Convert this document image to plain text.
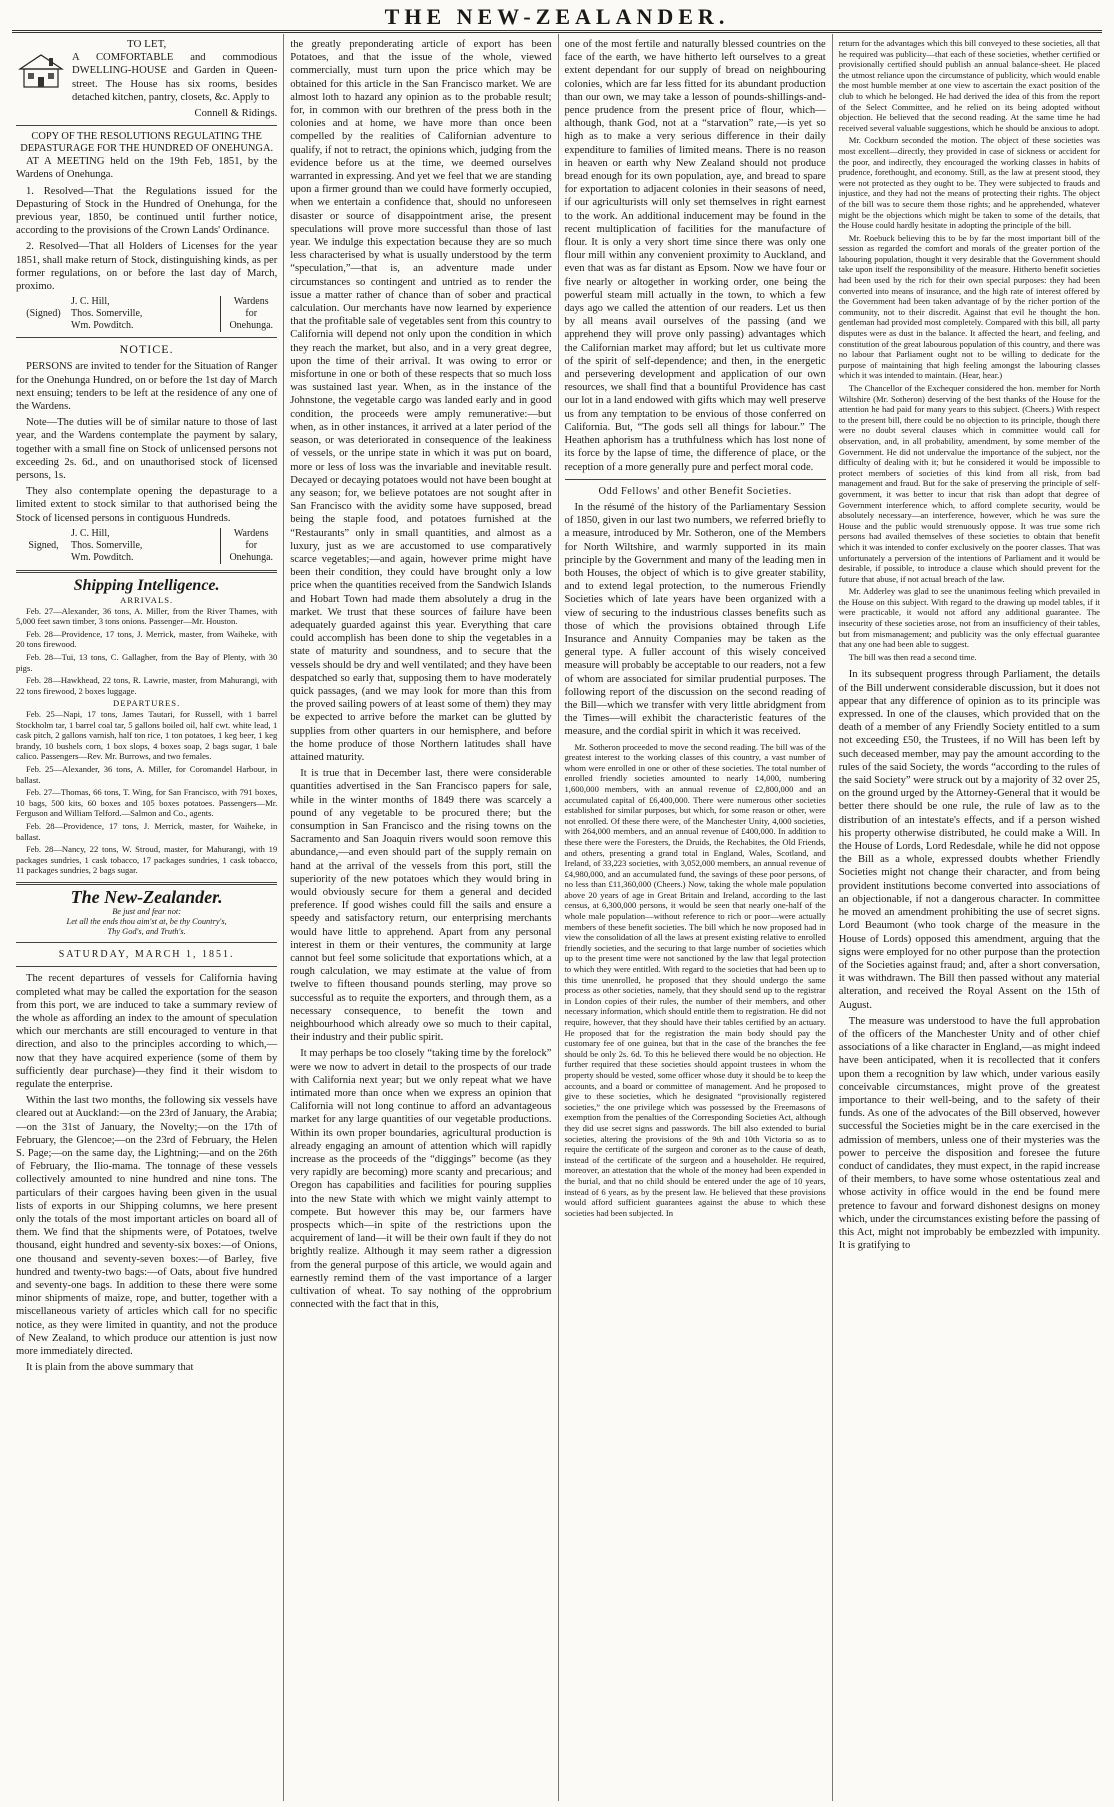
THE NEW-ZEALANDER.
TO LET,

A COMFORTABLE and commodious DWELLING-HOUSE and Garden in Queen-street. The House has six rooms, besides detached kitchen, pantry, closets, &c. Apply to

Connell & Ridings.
COPY OF THE RESOLUTIONS REGULATING THE DEPASTURAGE FOR THE HUNDRED OF ONEHUNGA.

AT A MEETING held on the 19th Feb, 1851, by the Wardens of Onehunga.

1. Resolved—That the Regulations issued for the Depasturing of Stock in the Hundred of Onehunga, for the previous year, 1850, be continued until further notice, according to the provisions of the Crown Lands' Ordinance.

2. Resolved—That all Holders of Licenses for the year 1851, shall make return of Stock, distinguishing kinds, as per former regulations, on or before the last day of March, proximo.

(Signed)
J. C. Hill,
Thos. Somerville,
Wm. Powditch.
Wardens
for
Onehunga.
NOTICE.

PERSONS are invited to tender for the Situation of Ranger for the Onehunga Hundred, on or before the 1st day of March next ensuing; tenders to be left at the residence of any one of the Wardens.

Note—The duties will be of similar nature to those of last year, and the Wardens contemplate the payment by salary, together with a small fine on Stock of unlicensed persons not exceeding 2s. 6d., and on unauthorised stock of licensed persons, 1s.

They also contemplate opening the depasturage to a limited extent to stock similar to that authorised being the Stock of licensed persons in contiguous Hundreds.

Signed,
J. C. Hill,
Thos. Somerville,
Wm. Powditch.
Wardens
for
Onehunga.
Shipping Intelligence.
ARRIVALS.

Feb. 27—Alexander, 36 tons, A. Miller, from the River Thames, with 5,000 feet sawn timber, 3 tons onions. Passenger—Mr. Houston.

Feb. 28—Providence, 17 tons, J. Merrick, master, from Waiheke, with 20 tons firewood.

Feb. 28—Tui, 13 tons, C. Gallagher, from the Bay of Plenty, with 30 pigs.

Feb. 28—Hawkhead, 22 tons, R. Lawrie, master, from Mahurangi, with 22 tons firewood, 2 boxes luggage.

DEPARTURES.

Feb. 25—Napi, 17 tons, James Tautari, for Russell, with 1 barrel Stockholm tar, 1 barrel coal tar, 5 gallons boiled oil, half cwt. white lead, 1 cask pitch, 2 gallons varnish, half ton rice, 1 ton potatoes, 1 keg beer, 1 keg brandy, 10 bushels corn, 1 box slops, 4 boxes soap, 2 bags sugar, 1 bale calico. Passengers—Rev. Mr. Burrows, and two females.

Feb. 25—Alexander, 36 tons, A. Miller, for Coromandel Harbour, in ballast.

Feb. 27—Thomas, 66 tons, T. Wing, for San Francisco, with 791 boxes, 10 bags, 500 kits, 60 boxes and 105 boxes potatoes. Passengers—Mr. Ferguson and William Telford.—Salmon and Co., agents.

Feb. 28—Providence, 17 tons, J. Merrick, master, for Waiheke, in ballast.

Feb. 28—Nancy, 22 tons, W. Stroud, master, for Mahurangi, with 19 packages sundries, 1 cask tobacco, 17 packages sundries, 1 cask tobacco, 11 packages sundries, 2 bags sugar.

The New-Zealander.
Be just and fear not:
Let all the ends thou aim'st at, be thy Country's,
Thy God's, and Truth's.
SATURDAY, MARCH 1, 1851.

The recent departures of vessels for California having completed what may be called the exportation for the season from this port, we are induced to take a summary review of the whole as affording an index to the amount of speculation which our merchants are still encouraged to venture in that direction, and also to the principles according to which,—now that they have acquired experience (some of them by sufficiently dear purchase)—they find it their wisdom to regulate the enterprise.

Within the last two months, the following six vessels have cleared out at Auckland:—on the 23rd of January, the Arabia;—on the 31st of January, the Novelty;—on the 17th of February, the Glencoe;—on the 23rd of February, the Helen S. Page;—on the same day, the Lightning;—and on the 26th of February, the Ilio-mama. The tonnage of these vessels collectively amounted to nine hundred and nine tons. The particulars of their cargoes having been given in the usual lists of exports in our Shipping columns, we here present only the totals of the most important articles on board all of them. We find that the shipments were, of Potatoes, twelve thousand, eight hundred and seventy-six boxes:—of Onions, one thousand and seventy-seven boxes:—of Barley, five hundred and twenty-two bags:—of Oats, about five hundred and seventy-one bags. In addition to these there were some minor shipments of maize, rope, and butter, together with a miscellaneous variety of articles which call for no specific notice, as they were limited in quantity, and not the produce of New Zealand, to which produce our attention is just now more immediately directed.

It is plain from the above summary that

the greatly preponderating article of export has been Potatoes, and that the issue of the whole, viewed commercially, must turn upon the price which may be obtained for this article in the San Francisco market. We are almost loth to hazard any opinion as to the probable result; for, in common with our brethren of the press both in the colonies and at home, we have more than once been compelled by the realities of Californian adventure to qualify, if not to retract, the opinions which, judging from the evidence before us at the time, we deemed ourselves warranted in expressing. And yet we feel that we are standing upon a firmer ground than we could have formerly occupied, when we entertain a confidence that, should no unforeseen disaster or source of disappointment arise, the present speculations will prove more successful than those of last year. We indulge this expectation because they are so much less characterised by what is usually understood by the term “speculation,”—that is, an adventure made under circumstances so contingent and untried as to render the issue a matter rather of chance than of sober and practical calculation. Our merchants have now learned by experience that the profitable sale of vegetables sent from this country to California will depend not only upon the condition in which they reach the market, but also, and in a very great degree, upon the time of their arrival. It was owing to error or misfortune in one or both of these respects that so much loss was sustained last year. When, as in the instance of the Johnstone, the vegetable cargo was landed early and in good condition, the proceeds were amply remunerative:—but when, as in other instances, it arrived at a later period of the season, or was deteriorated in consequence of the leakiness of vessels, or the unripe state in which it was put on board, more or less of loss was the invariable and inevitable result. Decayed or decaying potatoes would not have been bought at any season; for, we believe potatoes are not sought after in San Francisco with the avidity some have supposed, bread being the staple food, and potatoes furnished at the “Restaurants” only in small quantities, and almost as a luxury, just as we are accustomed to use comparatively scarce vegetables;—and again, however prime might have been their condition, they could have brought only a low price when the quantities received from the Sandwich Islands and Hobart Town had made them absolutely a drug in the market. We trust that these sources of failure have been adequately guarded against this year. Everything that care could accomplish has been done to ship the vegetables in a state of maturity and soundness, and to secure that the vessels should be dry and well ventilated; and they have been despatched so early that, supposing them to have moderately quick passages, (and we may look for more than this from the proved sailing powers of at least some of them) they may be expected to arrive before the market can be glutted by supplies from other quarters in our hemisphere, and before the home produce of those Northern latitudes shall have attained maturity.

It is true that in December last, there were considerable quantities advertised in the San Francisco papers for sale, while in the winter months of 1849 there was scarcely a pound of any vegetable to be procured there; but the consumption in San Francisco and the rising towns on the Sacramento and San Joaquin rivers would soon remove this abundance,—and even should part of the supply remain on hand at the arrival of the vessels from this port, still the superiority of the new potatoes which they would bring in would obviously secure for them a general and decided preference. If good wishes could fill the sails and ensure a speedy and satisfactory return, our enterprising merchants would have little to apprehend. Apart from any personal interest in them or their ventures, the community at large cannot but feel some solicitude that exportations which, at a rough calculation, we may estimate at the value of from twelve to fifteen thousand pounds sterling, may prove so successful as to requite the exporters, and through them, as a necessary consequence, to benefit the town and neighbourhood which already owe so much to their capital, their industry and their public spirit.

It may perhaps be too closely “taking time by the forelock” were we now to advert in detail to the prospects of our trade with California next year; but we only repeat what we have intimated more than once when we express an opinion that California will not long continue to afford an advantageous market for any large quantities of our vegetable productions. Within its own proper boundaries, agricultural production is already engaging an amount of attention which will rapidly increase as the proceeds of the “diggings” become (as they very rapidly are becoming) more scanty and precarious; and Oregon has capabilities and facilities for pouring supplies into the new State with which we might vainly attempt to compete. But however this may be, our farmers have prospects which—in spite of the restrictions upon the acquirement of land—it will be their own fault if they do not brightly realize. Although it may seem rather a digression from the general purpose of this article, we would again and earnestly remind them of the vast importance of a larger cultivation of wheat. To say nothing of the opprobrium connected with the fact that in this,

one of the most fertile and naturally blessed countries on the face of the earth, we have hitherto left ourselves to a great extent dependant for our supply of bread on neighbouring colonies, which are far less fitted for its abundant production than our own, we may take a lesson of pounds-shillings-and-pence prudence from the present price of flour, which—although, thank God, not at a “starvation” rate,—is yet so high as to make a very serious difference in their daily expenditure to families of limited means. There is no reason in heaven or earth why New Zealand should not produce bread enough for its own population, aye, and bread to spare for exportation to adjacent colonies in their seasons of need, if our agriculturists will only set themselves in right earnest to the work. An additional inducement may be found in the recent multiplication of facilities for the manufacture of flour. It is only a very short time since there was only one flour mill within any convenient proximity to Auckland, and even that was as far distant as Epsom. Now we have four or five nearly or altogether in working order, one being the powerful steam mill actually in the town, to which a few days ago we called the attention of our readers. Let us then by all means avail ourselves of the passing (and we apprehend they will prove only passing) advantages which the Californian market may afford; but let us cultivate more of the spirit of self-dependence; and then, in the energetic and persevering development and application of our own resources, we shall find that a bountiful Providence has cast our lot in a land endowed with gifts which may well preserve us from any temptation to be envious of those conferred on California. But, “The gods sell all things for labour.” The Heathen aphorism has a truthfulness which has lost none of its force by the lapse of time, the difference of place, or the reception of a more generally pure and perfect moral code.

Odd Fellows' and other Benefit Societies.

In the résumé of the history of the Parliamentary Session of 1850, given in our last two numbers, we referred briefly to a measure, introduced by Mr. Sotheron, one of the Members for North Wiltshire, and warmly supported in its main principle by the Government and many of the leading men in both Houses, the object of which is to give greater stability, and to extend legal protection, to the numerous Friendly Societies which of late years have been organized with a view of securing to the industrious classes benefits such as those of which the provisions obtained through Life Insurance and Annuity Companies may be taken as the general type. A fuller account of this wisely conceived measure will probably be acceptable to our readers, not a few of whom are associated for similar prudential purposes. The following report of the discussion on the second reading of the Bill—which we transfer with very little abridgment from the Times—will exhibit the characteristic features of the measure, and the cordial spirit in which it was received.

Mr. Sotheron proceeded to move the second reading. The bill was of the greatest interest to the working classes of this country, a vast number of whom were enrolled in one or other of these societies. The total number of enrolled friendly societies amounted to nearly 14,000, numbering 1,600,000 members, with an annual revenue of £2,800,000 and an accumulated capital of £6,400,000. There were numerous other societies established for similar purposes, but which, for some reason or other, were not enrolled. Of these there were, of the Manchester Unity, 4,000 societies, with 264,000 members, and an annual revenue of £400,000. In addition to these there were the Foresters, the Druids, the Rechabites, the Old Friends, and others, presenting a grand total in England, Wales, Scotland, and Ireland, of 33,223 societies, with 3,052,000 members, an annual revenue of £4,980,000, and an accumulated fund, the savings of these poor persons, of no less than £11,360,000 (Cheers.) Now, taking the whole male population above 20 years of age in Great Britain and Ireland, according to the last census, at 6,300,000 persons, it would be seen that nearly one-half of the whole male population—without reference to rich or poor—were actually members of these benefit societies. The bill which he now proposed had in view the consolidation of all the laws at present existing relative to enrolled friendly societies, and the securing to that large number of societies which up to the present time were not sanctioned by the law that legal protection to which they were entitled. With regard to the societies that had been up to this time unenrolled, he proposed that they should undergo the same process as other societies, namely, that they should send up to the registrar in London copies of their rules, the number of their members, and other necessary information, which should entitle them to registration. He did not require, however, that they should have their tables certified by an actuary. He proposed that for the registration the main body should pay the customary fee of one guinea, but that in the case of the branches the fee should be only 2s. 6d. To this he believed there would be no objection. He further required that these societies should appoint trustees in whom the property should be vested, some officer whose duty it should be to keep the accounts, and a board or committee of management. And he proposed to give to these societies, which he designated “provisionally registered societies,” the one privilege which was possessed by the Freemasons of exemption from the penalties of the Corresponding Societies Act, although they did use secret signs and passwords. The bill also extended to burial societies, altering the provisions of the 9th and 10th Victoria so as to require the certificate of the surgeon and coroner as to the cause of death, instead of the certificate of the surgeon and a householder. He required, moreover, an attestation that the whole of the money had been expended in the burial, and that no child should be entered under the age of 10 years, instead of 6 years, as by the present law. He believed that these provisions would afford sufficient guarantees against the abuse to which these societies had been subjected. In

return for the advantages which this bill conveyed to these societies, all that he required was publicity—that each of these societies, whether certified or provisionally certified should publish an annual balance-sheet. He placed the utmost reliance upon the circumstance of publicity, which would enable the most humble member at one view to ascertain the exact position of the club to which he belonged. He had derived the idea of this from the report of the Select Committee, and he relied on its being adopted without objection. He believed that the second reading. At the same time he had received several valuable suggestions, which he should be anxious to adopt.

Mr. Cockburn seconded the motion. The object of these societies was most excellent—directly, they provided in case of sickness or accident for the poor, and indirectly, they encouraged the working classes in habits of prudence, forethought, and economy. Still, as the law at present stood, they were not protected as they ought to be. They were subjected to frauds and injustice, and they had not the means of protecting their rights. The object of the bill was to secure them those rights; and he apprehended, whatever might be the objections which might be taken to some of the details, that the House could hardly hesitate in adopting the principle of the bill.

Mr. Roebuck believing this to be by far the most important bill of the session as regarded the comfort and morals of the greater portion of the labouring population, thought it very desirable that the Government should take upon itself the responsibility of the measure. Hitherto benefit societies had been used by the rich for their own special purposes: they had been converted into means of insurance, and the high rate of interest offered by the Government had been taken advantage of by the richer portion of the community, not to their discredit. Against that evil he thought the hon. gentleman had provided most completely. Compared with this bill, all party disputes were as dust in the balance. It affected the heart, and feeling, and constitution of the great labourous population of this country, and there was no labour that Parliament ought not to be willing to dedicate for the purpose of maintaining that high feeling amongst the labouring classes which it was intended to maintain. (Hear, hear.)

The Chancellor of the Exchequer considered the hon. member for North Wiltshire (Mr. Sotheron) deserving of the best thanks of the House for the attention he had paid for many years to this subject. (Cheers.) With respect to the present bill, there could be no objection to its principle, though there were no doubt several clauses which in committee would call for observation, and, in all probability, amendment, by some member of the Government. He did not undervalue the importance of the subject, nor the difficulty of dealing with it; but he considered it would be impossible to protect members of societies of this kind from all risk, from bad management and fraud. But for the sake of preserving the principle of self-government, it was better to incur that risk than adopt that degree of Government interference which, to afford complete security, would be absolutely necessary—an interference, however, which he was sure the House and the public would strenuously oppose. It was true some rich persons had availed themselves of these societies to obtain that benefit which it was intended to confer exclusively on the poorer classes. That was unfortunately a perversion of the intentions of Parliament and it would be desirable, if possible, to introduce a clause which should prevent for the future that abuse, if not actual breach of the law.

Mr. Adderley was glad to see the unanimous feeling which prevailed in the House on this subject. With regard to the drawing up model tables, if it were practicable, it would not afford any additional guarantee. The insecurity of these societies arose, not from an insufficiency of their tables, but from mismanagement; and publicity was the only effectual guarantee that any one had been able to suggest.

The bill was then read a second time.

In its subsequent progress through Parliament, the details of the Bill underwent considerable discussion, but it does not appear that any difference of opinion as to its principle was expressed. In one of the clauses, which provided that on the death of a member of any Friendly Society entitled to a sum not exceeding £50, the Trustees, if no Will has been left by such deceased member, may pay the amount according to the rules of the said Society, the words “according to the rules of the said Society” were struck out by a majority of 32 over 25, on the ground urged by the Attorney-General that it would be better there should be one rule, the rule of law as to the distribution of an intestate's effects, and if a person wished his property otherwise distributed, he could make a Will. In the House of Lords, Lord Redesdale, while he did not oppose the Bill as a whole, expressed doubts whether Friendly Societies might not change their character, and from being provident institutions become converted into associations of an objectionable, if not a dangerous character. In committee he moved an amendment prohibiting the use of secret signs. Lord Beaumont (who took charge of the measure in the House of Lords) opposed this amendment, arguing that the signs were employed for no other purpose than the protection of the Societies against fraud; and, after a short conversation, it was withdrawn. The Bill then passed without any material alteration, and received the Royal Assent on the 15th of August.

The measure was understood to have the full approbation of the officers of the Manchester Unity and of other chief associations of a like character in England,—as might indeed have been anticipated, when it is recollected that it confers upon them a recognition by law which, under various easily conceivable circumstances, might prove of the greatest importance to their well-being, and to the safety of their funds. As one of the advocates of the Bill observed, however successful the Societies might be in the care exercised in the admission of members, unless one of their mysteries was the power to perceive the disposition and foresee the future conduct of candidates, they must expect, in the rapid increase of their members, to have some whose ostentatious zeal and whose activity in office would in the end be found mere pretence to favour and forward dishonest designs on money which, under the circumstances existing before the passing of this Act, might not improbably be embezzled with impunity. It is gratifying to
